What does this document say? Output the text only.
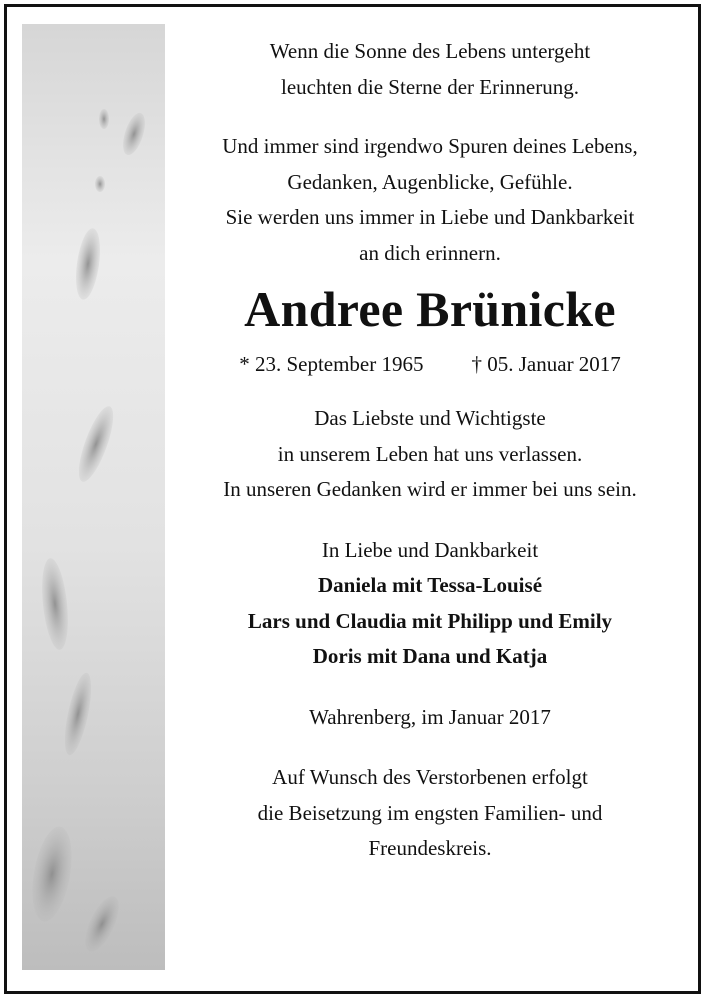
Wenn die Sonne des Lebens untergeht

leuchten die Sterne der Erinnerung.

Und immer sind irgendwo Spuren deines Lebens,

Gedanken, Augenblicke, Gefühle.

Sie werden uns immer in Liebe und Dankbarkeit

an dich erinnern.

Andree Brünicke

* 23. September 1965 † 05. Januar 2017

Das Liebste und Wichtigste

in unserem Leben hat uns verlassen.

In unseren Gedanken wird er immer bei uns sein.

In Liebe und Dankbarkeit

Daniela mit Tessa-Louisé

Lars und Claudia mit Philipp und Emily

Doris mit Dana und Katja

Wahrenberg, im Januar 2017

Auf Wunsch des Verstorbenen erfolgt

die Beisetzung im engsten Familien- und

Freundeskreis.
